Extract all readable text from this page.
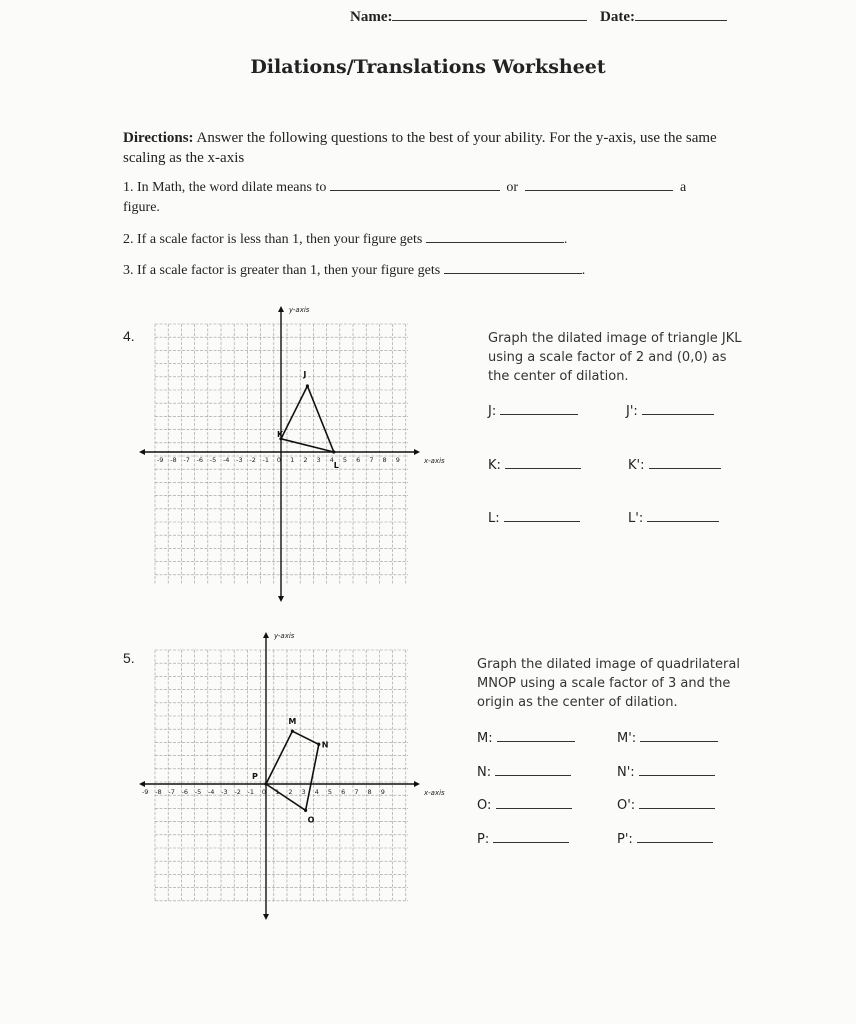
Name:	Date:
Dilations/Translations Worksheet
Directions: Answer the following questions to the best of your ability. For the y-axis, use the same scaling as the x-axis
1. In Math, the word dilate means to	or	a
figure.
2. If a scale factor is less than 1, then your figure gets	.
3. If a scale factor is greater than 1, then your figure gets	.
4.
-9 -8 -7 -6 -5 -4 -3 -2 -1 0 1 2 3 4 5 6 7 8 9	x-axis
y-axis
J
K
L
Graph the dilated image of triangle JKL using a scale factor of 2 and (0,0) as the center of dilation.
J:	J':
K:	K':
L:	L':
5.
-9 -8 -7 -6 -5 -4 -3 -2 -1 0 1 2 3 4 5 6 7 8 9	x-axis
y-axis
M
N
O
P
Graph the dilated image of quadrilateral MNOP using a scale factor of 3 and the origin as the center of dilation.
M:	M':
N:	N':
O:	O':
P:	P':
